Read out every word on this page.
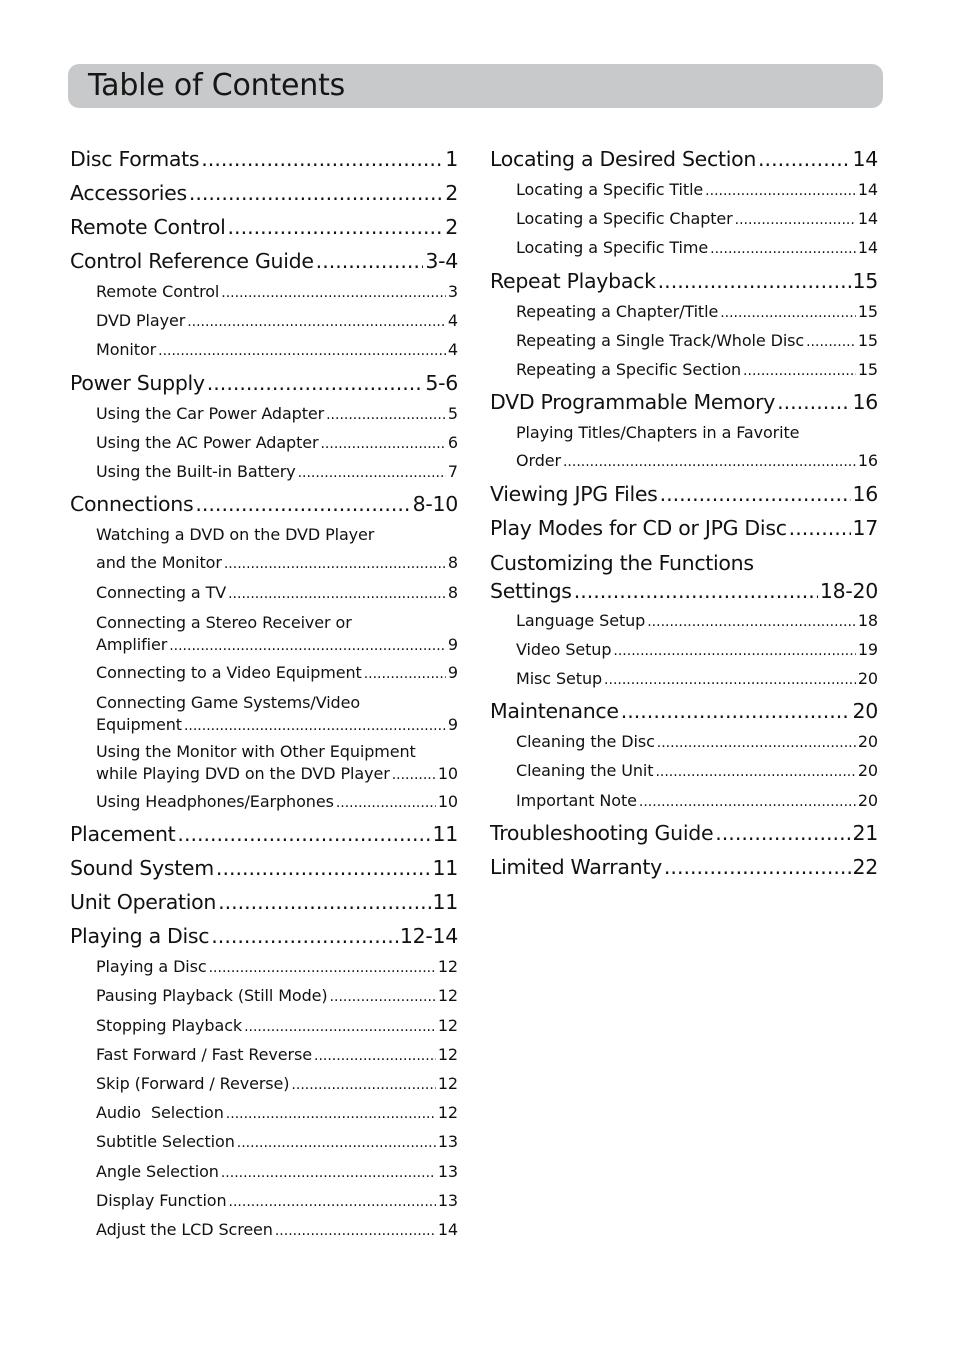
Table of Contents
Disc Formats .....	1
Accessories .....	2
Remote Control .....	2
Control Reference Guide .....	3-4
Remote Control .....	3
DVD Player .....	4
Monitor .....	4
Power Supply .....	5-6
Using the Car Power Adapter .....	5
Using the AC Power Adapter .....	6
Using the Built-in Battery .....	7
Connections .....	8-10
Watching a DVD on the DVD Player
and the Monitor .....	8
Connecting a TV .....	8
Connecting a Stereo Receiver or
Amplifier .....	9
Connecting to a Video Equipment .....	9
Connecting Game Systems/Video
Equipment .....	9
Using the Monitor with Other Equipment
while Playing DVD on the DVD Player .....	10
Using Headphones/Earphones .....	10
Placement .....	11
Sound System .....	11
Unit Operation .....	11
Playing a Disc .....	12-14
Playing a Disc .....	12
Pausing Playback (Still Mode) .....	12
Stopping Playback .....	12
Fast Forward / Fast Reverse .....	12
Skip (Forward / Reverse) .....	12
Audio  Selection .....	12
Subtitle Selection .....	13
Angle Selection .....	13
Display Function .....	13
Adjust the LCD Screen .....	14
Locating a Desired Section .....	14
Locating a Specific Title .....	14
Locating a Specific Chapter .....	14
Locating a Specific Time .....	14
Repeat Playback .....	15
Repeating a Chapter/Title .....	15
Repeating a Single Track/Whole Disc .....	15
Repeating a Specific Section .....	15
DVD Programmable Memory .....	16
Playing Titles/Chapters in a Favorite
Order .....	16
Viewing JPG Files .....	16
Play Modes for CD or JPG Disc .....	17
Customizing the Functions
Settings .....	18-20
Language Setup .....	18
Video Setup .....	19
Misc Setup .....	20
Maintenance .....	20
Cleaning the Disc .....	20
Cleaning the Unit .....	20
Important Note .....	20
Troubleshooting Guide .....	21
Limited Warranty .....	22
